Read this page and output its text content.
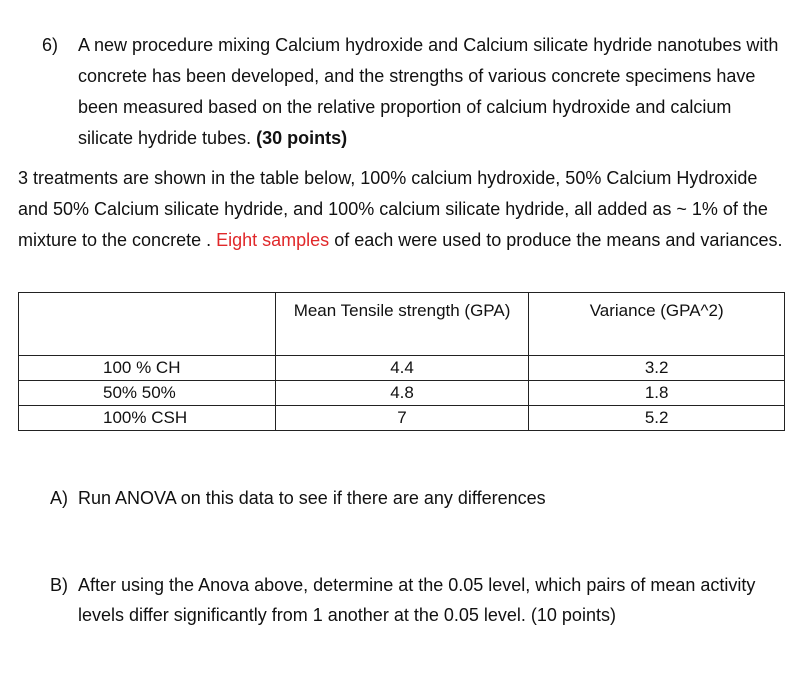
6)	A new procedure mixing Calcium hydroxide and Calcium silicate hydride nanotubes with concrete has been developed, and the strengths of various concrete specimens have been measured based on the relative proportion of calcium hydroxide and calcium silicate hydride tubes. (30 points)
3 treatments are shown in the table below, 100% calcium hydroxide, 50% Calcium Hydroxide and 50% Calcium silicate hydride, and 100% calcium silicate hydride, all added as ~ 1% of the mixture to the concrete . Eight samples of each were used to produce the means and variances.
	Mean Tensile strength (GPA)	Variance (GPA^2)
100 % CH	4.4	3.2
50% 50%	4.8	1.8
100% CSH	7	5.2
A) Run ANOVA on this data to see if there are any differences
B) After using the Anova above, determine at the 0.05 level, which pairs of mean activity levels differ significantly from 1 another at the 0.05 level. (10 points)
